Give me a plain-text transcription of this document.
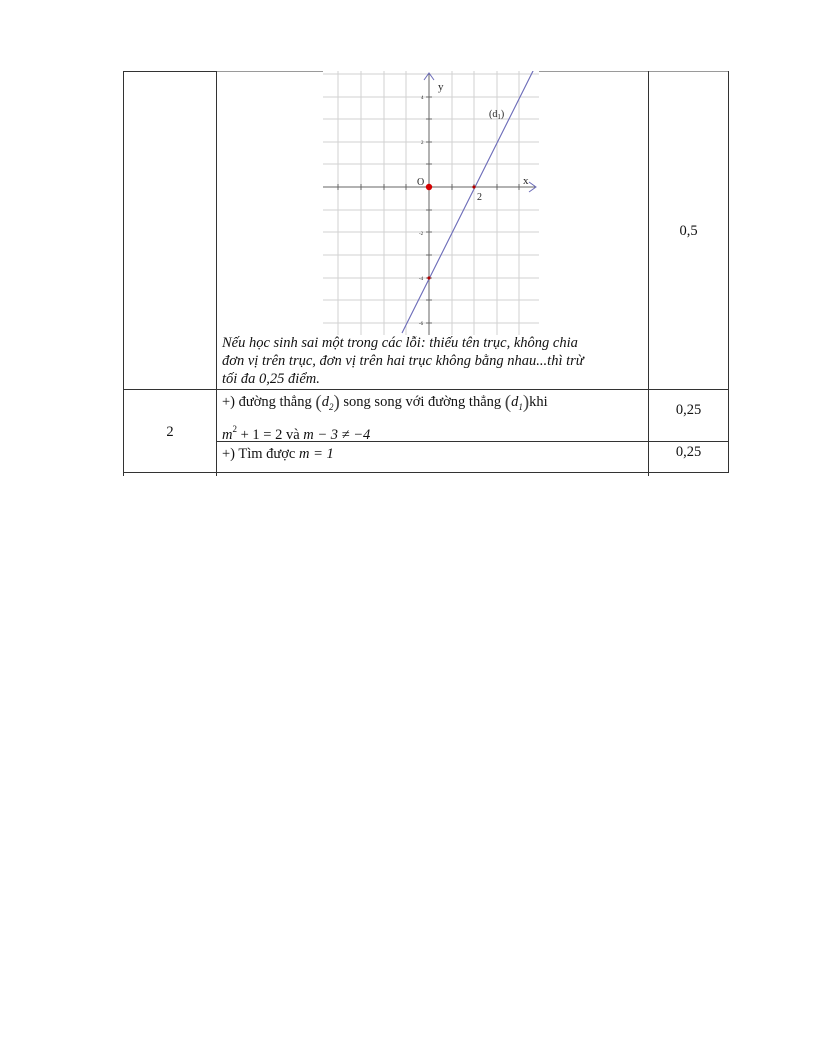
y
x
O
2
$(d_1)$
4
2
-2
-4
-6
Nếu học sinh sai một trong các lỗi: thiếu tên trục, không chia
đơn vị trên trục, đơn vị trên hai trục không bằng nhau...thì trừ
tối đa 0,25 điểm.
0,5
2
+) đường thẳng $(d_2)$ song song với đường thẳng $(d_1)khi$
$m^2 + 1 = 2$ và m − 3 ≠ −4
0,25
+) Tìm được m = 1	0,25
